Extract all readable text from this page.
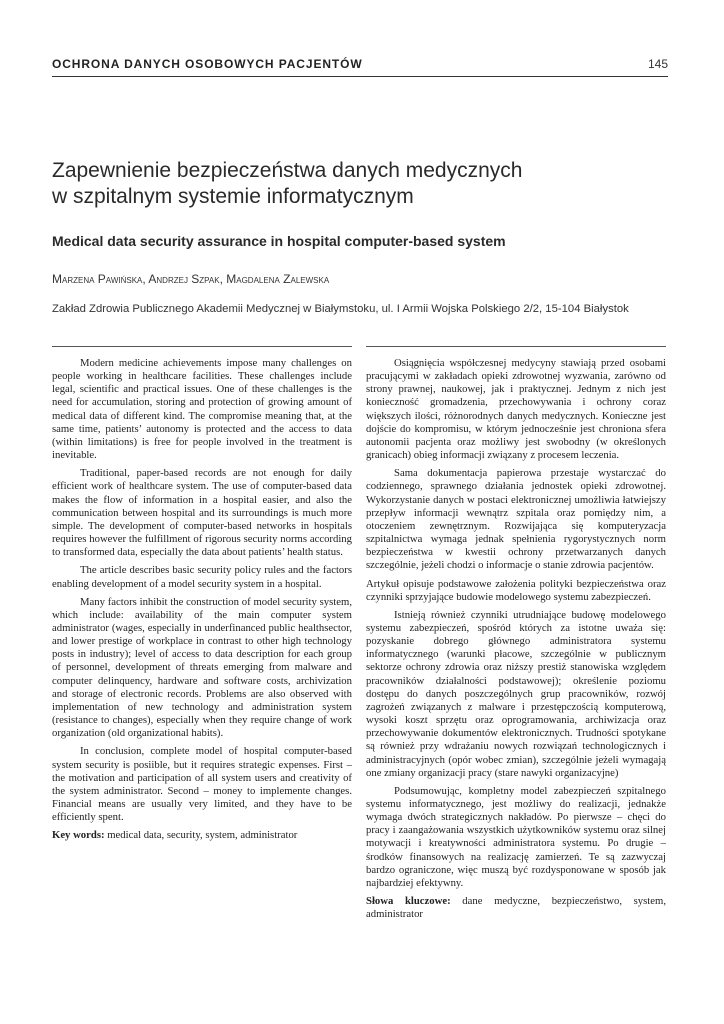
OCHRONA DANYCH OSOBOWYCH PACJENTÓW	145
Zapewnienie bezpieczeństwa danych medycznych
w szpitalnym systemie informatycznym
Medical data security assurance in hospital computer-based system
Marzena Pawińska, Andrzej Szpak, Magdalena Zalewska
Zakład Zdrowia Publicznego Akademii Medycznej w Białymstoku, ul. I Armii Wojska Polskiego 2/2, 15-104 Białystok

Modern medicine achievements impose many challenges on people working in healthcare facilities. These challenges include legal, scientific and practical issues. One of these challenges is the need for accumulation, storing and protection of growing amount of medical data of different kind. The compromise meaning that, at the same time, patients’ autonomy is protected and the access to data (within limitations) is free for people involved in the treatment is inevitable.

Traditional, paper-based records are not enough for daily efficient work of healthcare system. The use of computer-based data makes the flow of information in a hospital easier, and also the communication between hospital and its surroundings is much more simple. The development of computer-based networks in hospitals requires however the fulfillment of rigorous security norms according to transformed data, especially the data about patients’ health status.

The article describes basic security policy rules and the factors enabling development of a model security system in a hospital.

Many factors inhibit the construction of model security system, which include: availability of the main computer system administrator (wages, especially in underfinanced public healthsector, and lower prestige of workplace in contrast to other high technology posts in industry); level of access to data description for each group of personnel, development of threats emerging from malware and computer delinquency, hardware and software costs, archivization and storage of electronic records. Problems are also observed with implementation of new technology and administration system (resistance to changes), especially when they require change of work organization (old organizational habits).

In conclusion, complete model of hospital computer-based system security is posiible, but it requires strategic expenses. First – the motivation and participation of all system users and creativity of the system administrator. Second – money to implemente changes. Financial means are usually very limited, and they have to be efficiently spent.

Key words: medical data, security, system, administrator

Osiągnięcia współczesnej medycyny stawiają przed osobami pracującymi w zakładach opieki zdrowotnej wyzwania, zarówno od strony prawnej, naukowej, jak i praktycznej. Jednym z nich jest konieczność gromadzenia, przechowywania i ochrony coraz większych ilości, różnorodnych danych medycznych. Konieczne jest dojście do kompromisu, w którym jednocześnie jest chroniona sfera autonomii pacjenta oraz możliwy jest swobodny (w określonych granicach) obieg informacji związany z procesem leczenia.

Sama dokumentacja papierowa przestaje wystarczać do codziennego, sprawnego działania jednostek opieki zdrowotnej. Wykorzystanie danych w postaci elektronicznej umożliwia łatwiejszy przepływ informacji wewnątrz szpitala oraz pomiędzy nim, a otoczeniem zewnętrznym. Rozwijająca się komputeryzacja szpitalnictwa wymaga jednak spełnienia rygorystycznych norm bezpieczeństwa w kwestii ochrony przetwarzanych danych szczególnie, jeżeli chodzi o informacje o stanie zdrowia pacjentów.

Artykuł opisuje podstawowe założenia polityki bezpieczeństwa oraz czynniki sprzyjające budowie modelowego systemu zabezpieczeń.

Istnieją również czynniki utrudniające budowę modelowego systemu zabezpieczeń, spośród których za istotne uważa się: pozyskanie dobrego głównego administratora systemu informatycznego (warunki płacowe, szczególnie w publicznym sektorze ochrony zdrowia oraz niższy prestiż stanowiska względem pracowników działalności podstawowej); określenie poziomu dostępu do danych poszczególnych grup pracowników, rozwój zagrożeń związanych z malware i przestępczością komputerową, wysoki koszt sprzętu oraz oprogramowania, archiwizacja oraz przechowywanie dokumentów elektronicznych. Trudności spotykane są również przy wdrażaniu nowych rozwiązań technologicznych i administracyjnych (opór wobec zmian), szczególnie jeżeli wymagają one zmiany organizacji pracy (stare nawyki organizacyjne)

Podsumowując, kompletny model zabezpieczeń szpitalnego systemu informatycznego, jest możliwy do realizacji, jednakże wymaga dwóch strategicznych nakładów. Po pierwsze – chęci do pracy i zaangażowania wszystkich użytkowników systemu oraz silnej motywacji i kreatywności administratora systemu. Po drugie – środków finansowych na realizację zamierzeń. Te są zazwyczaj bardzo ograniczone, więc muszą być rozdysponowane w sposób jak najbardziej efektywny.

Słowa kluczowe: dane medyczne, bezpieczeństwo, system, administrator
